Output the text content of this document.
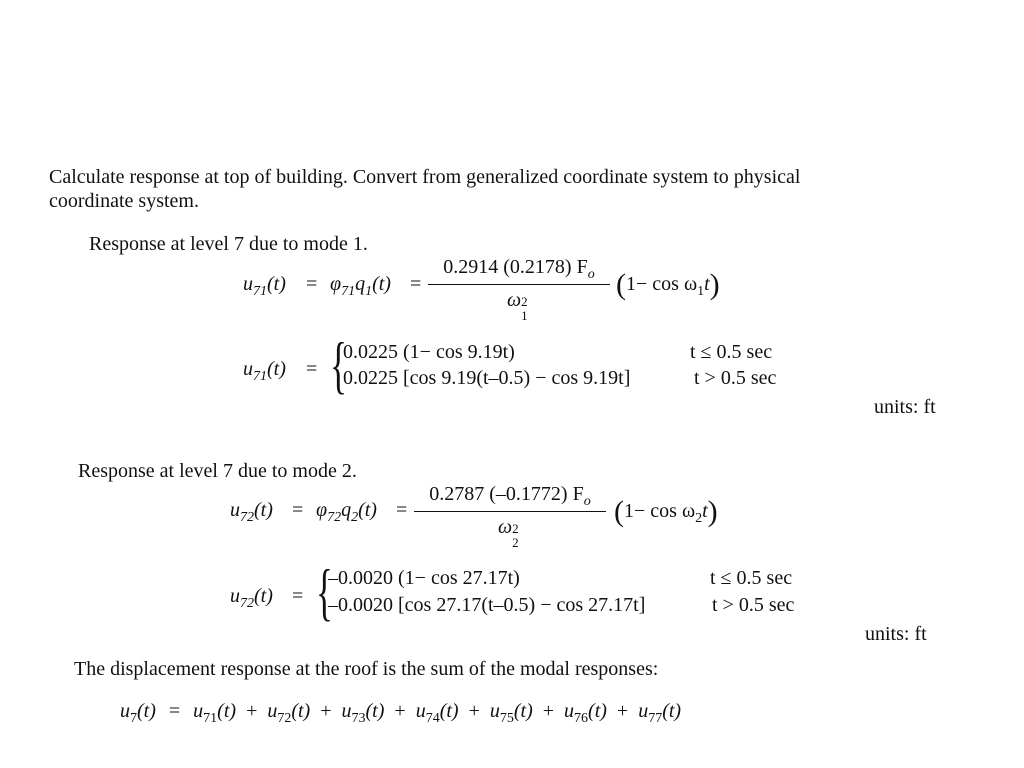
Calculate response at top of building. Convert from generalized coordinate system to physical
coordinate system.
Response at level 7 due to mode 1.
$u_{71}(t) = \varphi_{71}q_1(t)$ =
0.2914 (0.2178) $F_o$
ω 2
1
$(1- \cos \omega_1t)$
$u_{71}(t)$ = {
0.0225 (1− cos 9.19t)	t ≤ 0.5 sec
0.0225 [cos 9.19(t–0.5) − cos 9.19t]	t > 0.5 sec
units: ft
Response at level 7 due to mode 2.
$u_{72}(t) = \varphi_{72}q_2(t)$ =
0.2787 (–0.1772) $F_o$
ω 2
2
$(1- \cos \omega_2t)$
$u_{72}(t)$ = {
–0.0020 (1− cos 27.17t)	t ≤ 0.5 sec
–0.0020 [cos 27.17(t–0.5) − cos 27.17t]	t > 0.5 sec
units: ft
The displacement response at the roof is the sum of the modal responses:
$u_7(t) = u_{71}(t) + u_{72}(t) + u_{73}(t) + u_{74}(t) + u_{75}(t) + u_{76}(t) + u_{77}(t)$
